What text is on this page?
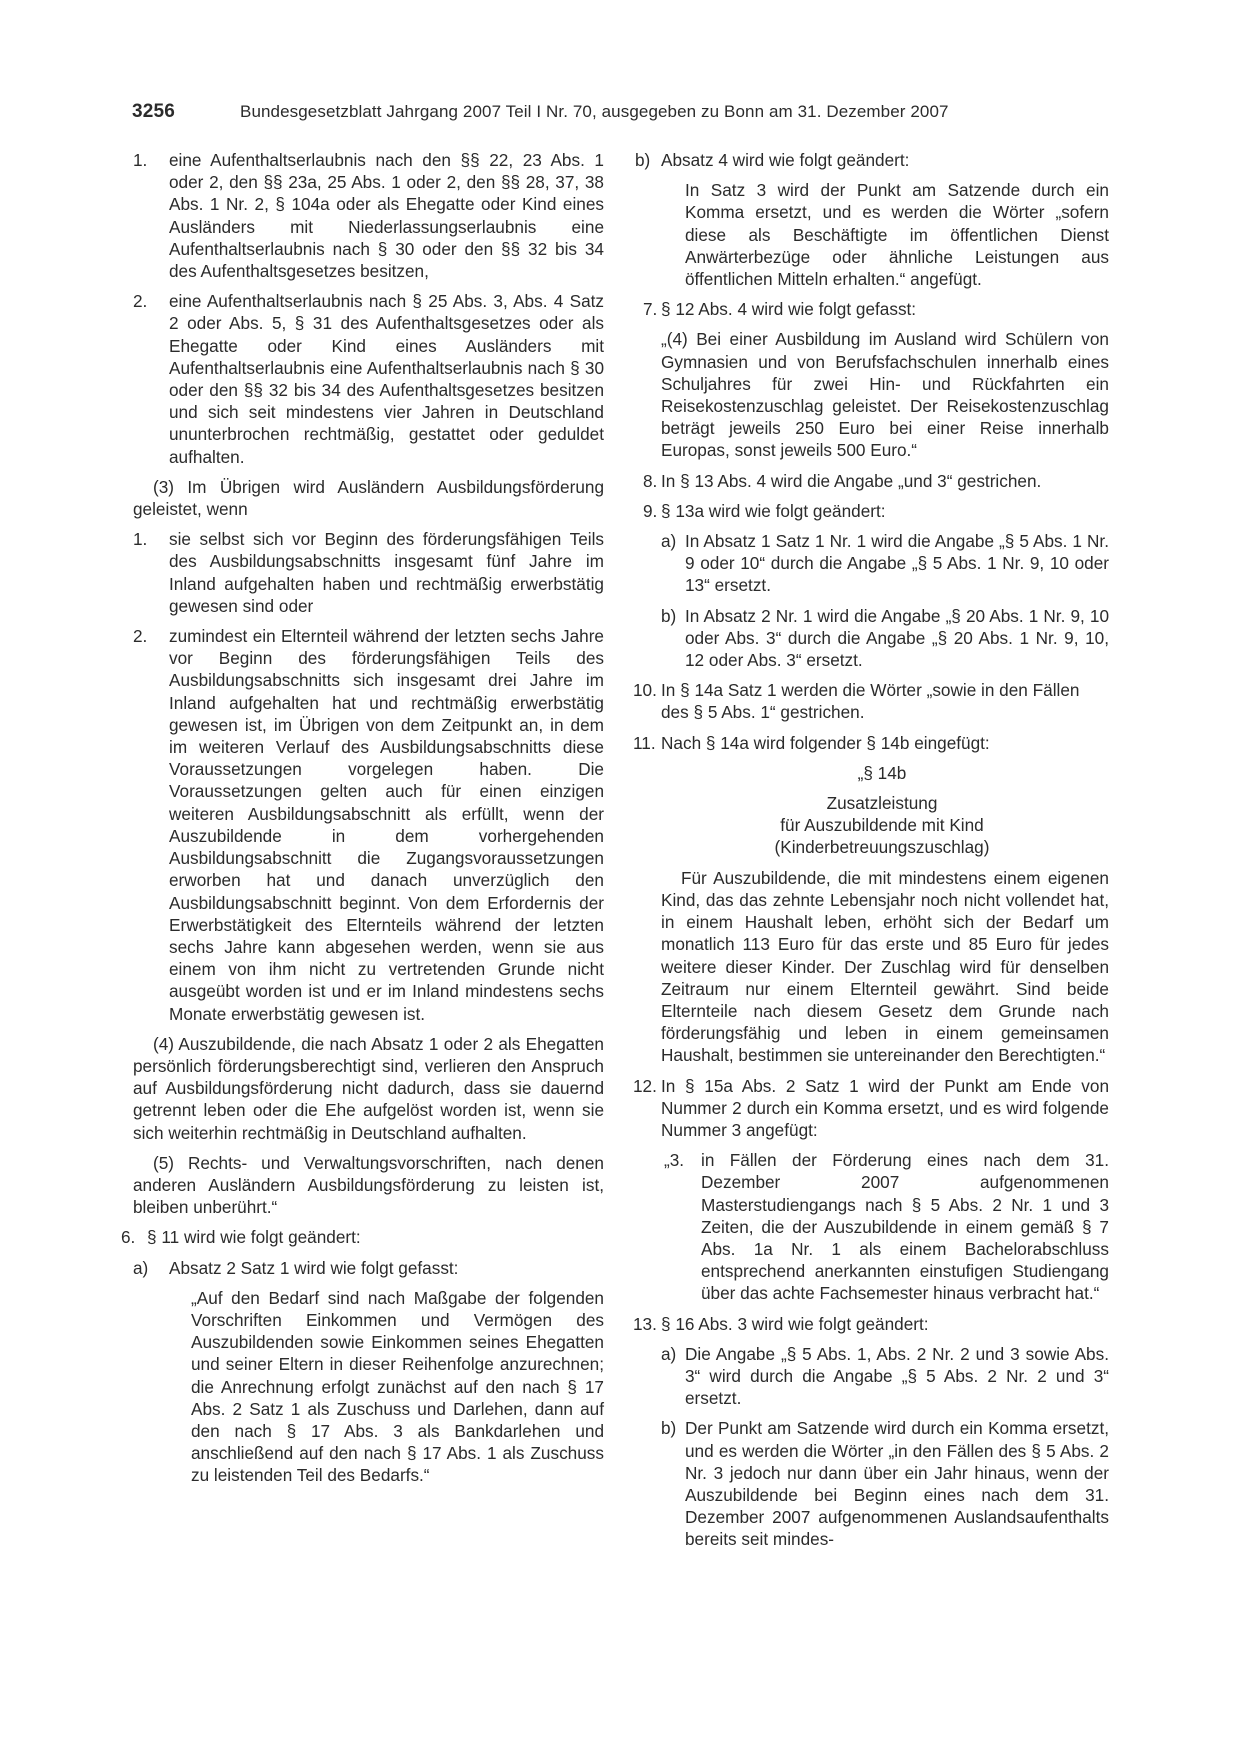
3256	Bundesgesetzblatt Jahrgang 2007 Teil I Nr. 70, ausgegeben zu Bonn am 31. Dezember 2007
1. eine Aufenthaltserlaubnis nach den §§ 22, 23 Abs. 1 oder 2, den §§ 23a, 25 Abs. 1 oder 2, den §§ 28, 37, 38 Abs. 1 Nr. 2, § 104a oder als Ehegatte oder Kind eines Ausländers mit Niederlassungserlaubnis eine Aufenthaltserlaubnis nach § 30 oder den §§ 32 bis 34 des Aufenthaltsgesetzes besitzen,
2. eine Aufenthaltserlaubnis nach § 25 Abs. 3, Abs. 4 Satz 2 oder Abs. 5, § 31 des Aufenthaltsgesetzes oder als Ehegatte oder Kind eines Ausländers mit Aufenthaltserlaubnis eine Aufenthaltserlaubnis nach § 30 oder den §§ 32 bis 34 des Aufenthaltsgesetzes besitzen und sich seit mindestens vier Jahren in Deutschland ununterbrochen rechtmäßig, gestattet oder geduldet aufhalten.
(3) Im Übrigen wird Ausländern Ausbildungsförderung geleistet, wenn
1. sie selbst sich vor Beginn des förderungsfähigen Teils des Ausbildungsabschnitts insgesamt fünf Jahre im Inland aufgehalten haben und rechtmäßig erwerbstätig gewesen sind oder
2. zumindest ein Elternteil während der letzten sechs Jahre vor Beginn des förderungsfähigen Teils des Ausbildungsabschnitts sich insgesamt drei Jahre im Inland aufgehalten hat und rechtmäßig erwerbstätig gewesen ist, im Übrigen von dem Zeitpunkt an, in dem im weiteren Verlauf des Ausbildungsabschnitts diese Voraussetzungen vorgelegen haben. Die Voraussetzungen gelten auch für einen einzigen weiteren Ausbildungsabschnitt als erfüllt, wenn der Auszubildende in dem vorhergehenden Ausbildungsabschnitt die Zugangsvoraussetzungen erworben hat und danach unverzüglich den Ausbildungsabschnitt beginnt. Von dem Erfordernis der Erwerbstätigkeit des Elternteils während der letzten sechs Jahre kann abgesehen werden, wenn sie aus einem von ihm nicht zu vertretenden Grunde nicht ausgeübt worden ist und er im Inland mindestens sechs Monate erwerbstätig gewesen ist.
(4) Auszubildende, die nach Absatz 1 oder 2 als Ehegatten persönlich förderungsberechtigt sind, verlieren den Anspruch auf Ausbildungsförderung nicht dadurch, dass sie dauernd getrennt leben oder die Ehe aufgelöst worden ist, wenn sie sich weiterhin rechtmäßig in Deutschland aufhalten.
(5) Rechts- und Verwaltungsvorschriften, nach denen anderen Ausländern Ausbildungsförderung zu leisten ist, bleiben unberührt.“
6. § 11 wird wie folgt geändert:
a) Absatz 2 Satz 1 wird wie folgt gefasst:
„Auf den Bedarf sind nach Maßgabe der folgenden Vorschriften Einkommen und Vermögen des Auszubildenden sowie Einkommen seines Ehegatten und seiner Eltern in dieser Reihenfolge anzurechnen; die Anrechnung erfolgt zunächst auf den nach § 17 Abs. 2 Satz 1 als Zuschuss und Darlehen, dann auf den nach § 17 Abs. 3 als Bankdarlehen und anschließend auf den nach § 17 Abs. 1 als Zuschuss zu leistenden Teil des Bedarfs.“
b) Absatz 4 wird wie folgt geändert:
In Satz 3 wird der Punkt am Satzende durch ein Komma ersetzt, und es werden die Wörter „sofern diese als Beschäftigte im öffentlichen Dienst Anwärterbezüge oder ähnliche Leistungen aus öffentlichen Mitteln erhalten.“ angefügt.
7. § 12 Abs. 4 wird wie folgt gefasst:
„(4) Bei einer Ausbildung im Ausland wird Schülern von Gymnasien und von Berufsfachschulen innerhalb eines Schuljahres für zwei Hin- und Rückfahrten ein Reisekostenzuschlag geleistet. Der Reisekostenzuschlag beträgt jeweils 250 Euro bei einer Reise innerhalb Europas, sonst jeweils 500 Euro.“
8. In § 13 Abs. 4 wird die Angabe „und 3“ gestrichen.
9. § 13a wird wie folgt geändert:
a) In Absatz 1 Satz 1 Nr. 1 wird die Angabe „§ 5 Abs. 1 Nr. 9 oder 10“ durch die Angabe „§ 5 Abs. 1 Nr. 9, 10 oder 13“ ersetzt.
b) In Absatz 2 Nr. 1 wird die Angabe „§ 20 Abs. 1 Nr. 9, 10 oder Abs. 3“ durch die Angabe „§ 20 Abs. 1 Nr. 9, 10, 12 oder Abs. 3“ ersetzt.
10. In § 14a Satz 1 werden die Wörter „sowie in den Fällen des § 5 Abs. 1“ gestrichen.
11. Nach § 14a wird folgender § 14b eingefügt:
„§ 14b
Zusatzleistung
für Auszubildende mit Kind
(Kinderbetreuungszuschlag)
Für Auszubildende, die mit mindestens einem eigenen Kind, das das zehnte Lebensjahr noch nicht vollendet hat, in einem Haushalt leben, erhöht sich der Bedarf um monatlich 113 Euro für das erste und 85 Euro für jedes weitere dieser Kinder. Der Zuschlag wird für denselben Zeitraum nur einem Elternteil gewährt. Sind beide Elternteile nach diesem Gesetz dem Grunde nach förderungsfähig und leben in einem gemeinsamen Haushalt, bestimmen sie untereinander den Berechtigten.“
12. In § 15a Abs. 2 Satz 1 wird der Punkt am Ende von Nummer 2 durch ein Komma ersetzt, und es wird folgende Nummer 3 angefügt:
„3. in Fällen der Förderung eines nach dem 31. Dezember 2007 aufgenommenen Masterstudiengangs nach § 5 Abs. 2 Nr. 1 und 3 Zeiten, die der Auszubildende in einem gemäß § 7 Abs. 1a Nr. 1 als einem Bachelorabschluss entsprechend anerkannten einstufigen Studiengang über das achte Fachsemester hinaus verbracht hat.“
13. § 16 Abs. 3 wird wie folgt geändert:
a) Die Angabe „§ 5 Abs. 1, Abs. 2 Nr. 2 und 3 sowie Abs. 3“ wird durch die Angabe „§ 5 Abs. 2 Nr. 2 und 3“ ersetzt.
b) Der Punkt am Satzende wird durch ein Komma ersetzt, und es werden die Wörter „in den Fällen des § 5 Abs. 2 Nr. 3 jedoch nur dann über ein Jahr hinaus, wenn der Auszubildende bei Beginn eines nach dem 31. Dezember 2007 aufgenommenen Auslandsaufenthalts bereits seit mindes-
